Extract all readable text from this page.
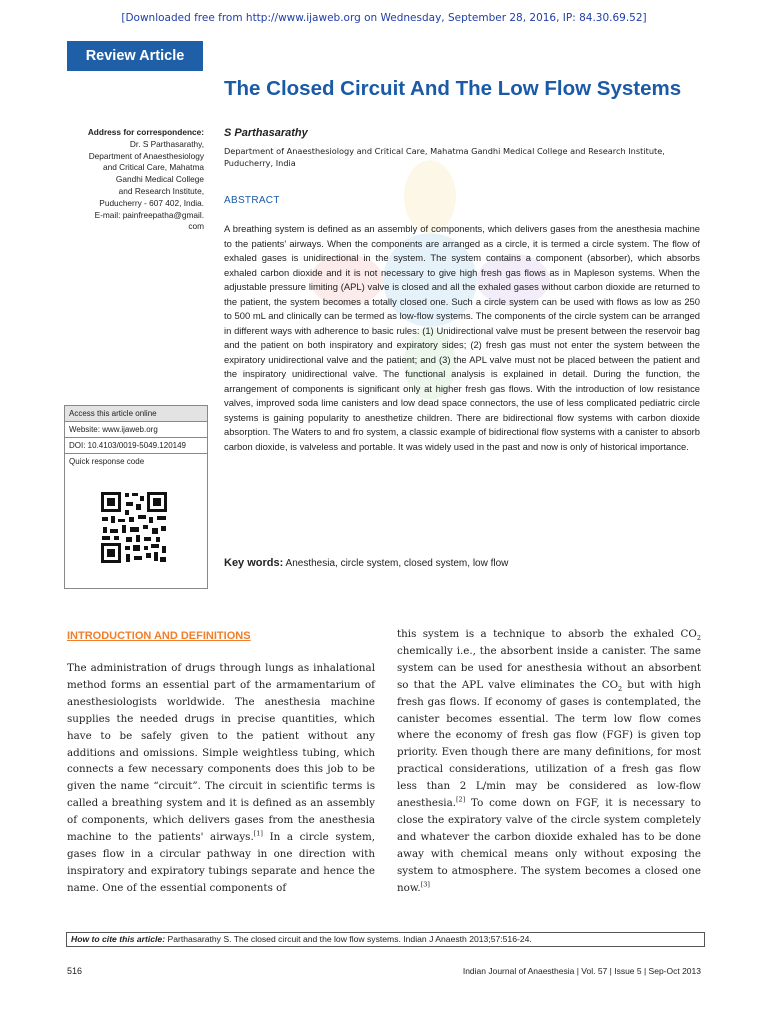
[Downloaded free from http://www.ijaweb.org on Wednesday, September 28, 2016, IP: 84.30.69.52]
Review Article
The Closed Circuit And The Low Flow Systems
Address for correspondence:
Dr. S Parthasarathy,
Department of Anaesthesiology
and Critical Care, Mahatma
Gandhi Medical College
and Research Institute,
Puducherry - 607 402, India.
E-mail: painfreepatha@gmail.
com
S Parthasarathy
Department of Anaesthesiology and Critical Care, Mahatma Gandhi Medical College and Research Institute, Puducherry, India
ABSTRACT
A breathing system is defined as an assembly of components, which delivers gases from the anesthesia machine to the patients' airways. When the components are arranged as a circle, it is termed a circle system. The flow of exhaled gases is unidirectional in the system. The system contains a component (absorber), which absorbs exhaled carbon dioxide and it is not necessary to give high fresh gas flows as in Mapleson systems. When the adjustable pressure limiting (APL) valve is closed and all the exhaled gases without carbon dioxide are returned to the patient, the system becomes a totally closed one. Such a circle system can be used with flows as low as 250 to 500 mL and clinically can be termed as low-flow systems. The components of the circle system can be arranged in different ways with adherence to basic rules: (1) Unidirectional valve must be present between the reservoir bag and the patient on both inspiratory and expiratory sides; (2) fresh gas must not enter the system between the expiratory unidirectional valve and the patient; and (3) the APL valve must not be placed between the patient and the inspiratory unidirectional valve. The functional analysis is explained in detail. During the function, the arrangement of components is significant only at higher fresh gas flows. With the introduction of low resistance valves, improved soda lime canisters and low dead space connectors, the use of less complicated pediatric circle systems is gaining popularity to anesthetize children. There are bidirectional flow systems with carbon dioxide absorption. The Waters to and fro system, a classic example of bidirectional flow systems with a canister to absorb carbon dioxide, is valveless and portable. It was widely used in the past and now is only of historical importance.
Key words: Anesthesia, circle system, closed system, low flow
Access this article online
Website: www.ijaweb.org
DOI: 10.4103/0019-5049.120149
Quick response code
INTRODUCTION AND DEFINITIONS
The administration of drugs through lungs as inhalational method forms an essential part of the armamentarium of anesthesiologists worldwide. The anesthesia machine supplies the needed drugs in precise quantities, which have to be safely given to the patient without any additions and omissions. Simple weightless tubing, which connects a few necessary components does this job to be given the name “circuit”. The circuit in scientific terms is called a breathing system and it is defined as an assembly of components, which delivers gases from the anesthesia machine to the patients' airways.[1] In a circle system, gases flow in a circular pathway in one direction with inspiratory and expiratory tubings separate and hence the name. One of the essential components of
this system is a technique to absorb the exhaled $CO_2$ chemically i.e., the absorbent inside a canister. The same system can be used for anesthesia without an absorbent so that the APL valve eliminates the $CO_2$ but with high fresh gas flows. If economy of gases is contemplated, the canister becomes essential. The term low flow comes where the economy of fresh gas flow (FGF) is given top priority. Even though there are many definitions, for most practical considerations, utilization of a fresh gas flow less than 2 L/min may be considered as low-flow anesthesia.[2] To come down on FGF, it is necessary to close the expiratory valve of the circle system completely and whatever the carbon dioxide exhaled has to be done away with chemical means only without exposing the system to atmosphere. The system becomes a closed one now.[3]
How to cite this article: Parthasarathy S. The closed circuit and the low flow systems. Indian J Anaesth 2013;57:516-24.
516	Indian Journal of Anaesthesia | Vol. 57 | Issue 5 | Sep-Oct 2013
